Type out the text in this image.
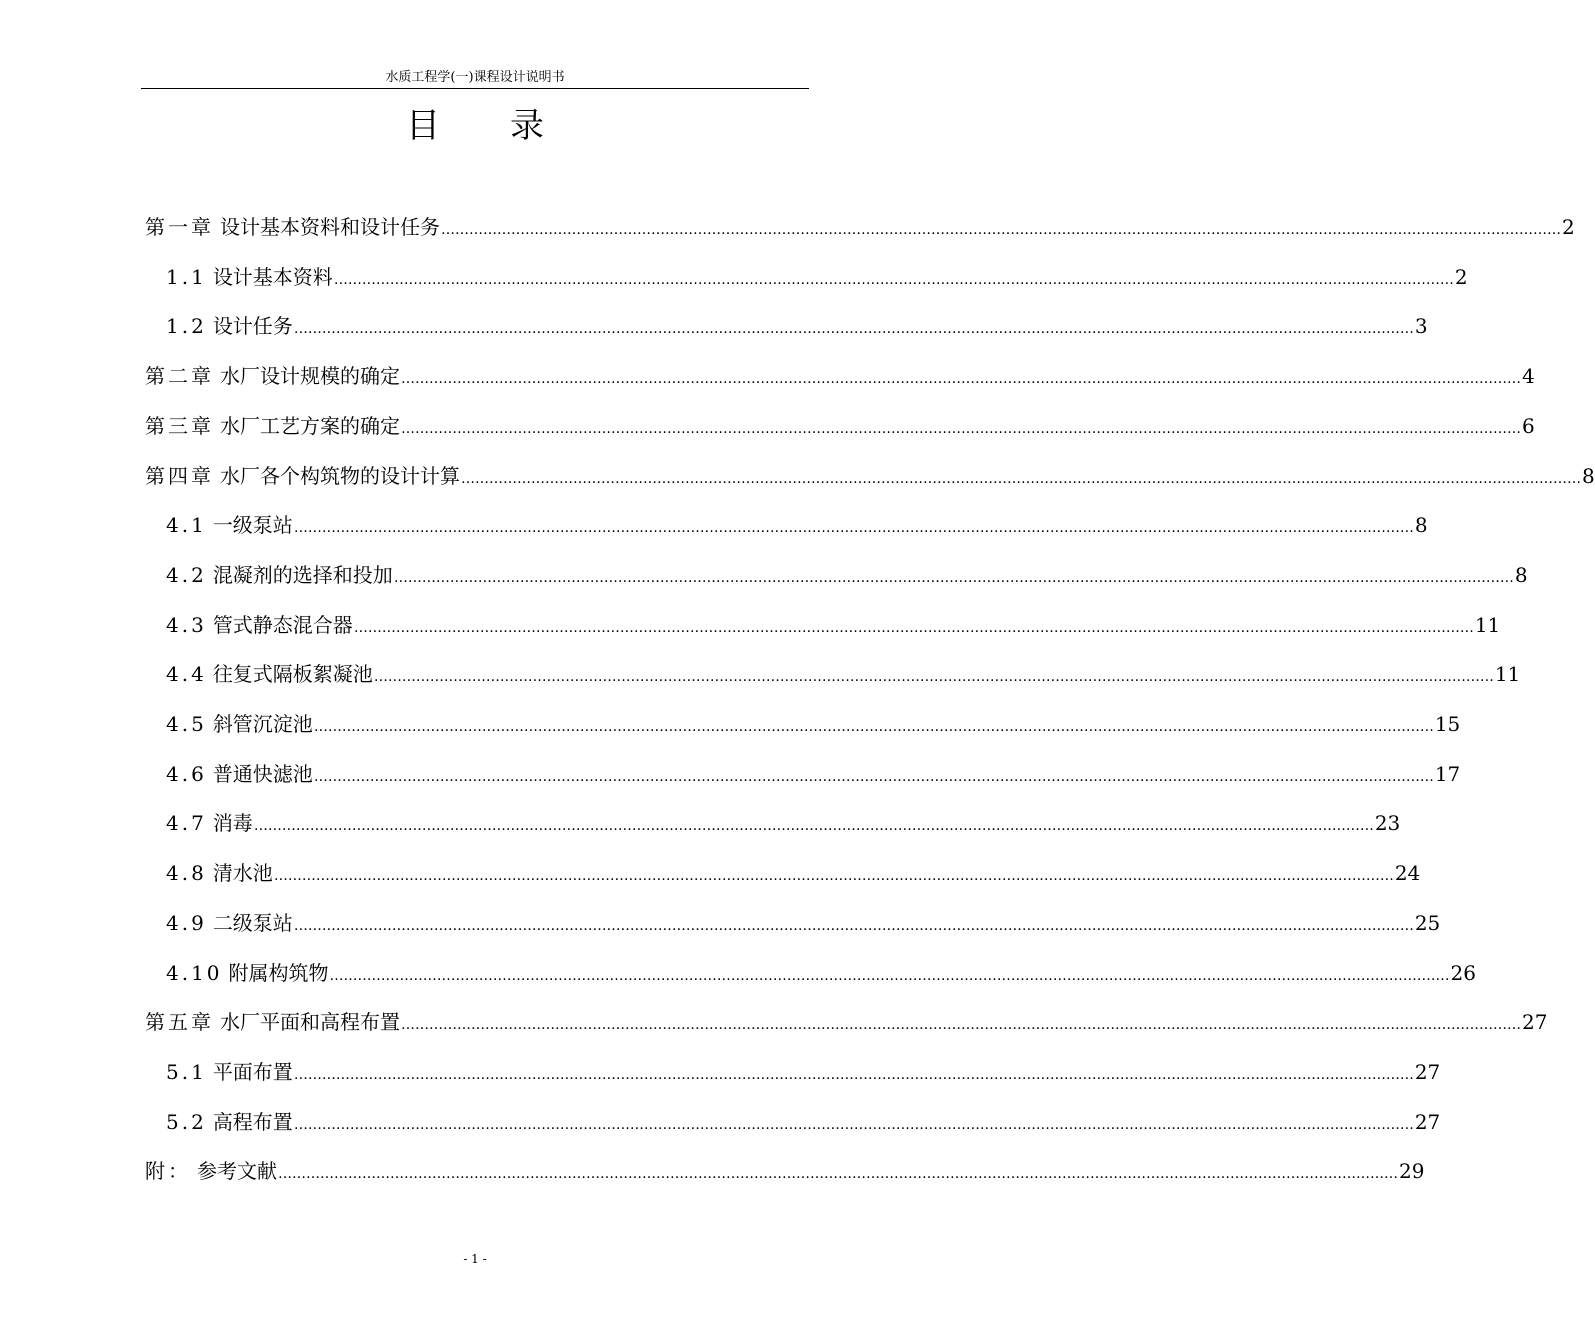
水质工程学(一)课程设计说明书
目录
第一章 设计基本资料和设计任务 …………………………………………………………………………………………………………………………………………………………………………………………………………………… 2
1.1 设计基本资料 …………………………………………………………………………………………………………………………………………………………………………………………………………………… 2
1.2 设计任务 …………………………………………………………………………………………………………………………………………………………………………………………………………………… 3
第二章 水厂设计规模的确定 …………………………………………………………………………………………………………………………………………………………………………………………………………………… 4
第三章 水厂工艺方案的确定 …………………………………………………………………………………………………………………………………………………………………………………………………………………… 6
第四章 水厂各个构筑物的设计计算 …………………………………………………………………………………………………………………………………………………………………………………………………………………… 8
4.1 一级泵站 …………………………………………………………………………………………………………………………………………………………………………………………………………………… 8
4.2 混凝剂的选择和投加 …………………………………………………………………………………………………………………………………………………………………………………………………………………… 8
4.3 管式静态混合器 …………………………………………………………………………………………………………………………………………………………………………………………………………………… 11
4.4 往复式隔板絮凝池 …………………………………………………………………………………………………………………………………………………………………………………………………………………… 11
4.5 斜管沉淀池 …………………………………………………………………………………………………………………………………………………………………………………………………………………… 15
4.6 普通快滤池 …………………………………………………………………………………………………………………………………………………………………………………………………………………… 17
4.7 消毒 …………………………………………………………………………………………………………………………………………………………………………………………………………………… 23
4.8 清水池 …………………………………………………………………………………………………………………………………………………………………………………………………………………… 24
4.9 二级泵站 …………………………………………………………………………………………………………………………………………………………………………………………………………………… 25
4.10 附属构筑物 …………………………………………………………………………………………………………………………………………………………………………………………………………………… 26
第五章 水厂平面和高程布置 …………………………………………………………………………………………………………………………………………………………………………………………………………………… 27
5.1 平面布置 …………………………………………………………………………………………………………………………………………………………………………………………………………………… 27
5.2 高程布置 …………………………………………………………………………………………………………………………………………………………………………………………………………………… 27
附： 参考文献 …………………………………………………………………………………………………………………………………………………………………………………………………………………… 29
- 1 -
